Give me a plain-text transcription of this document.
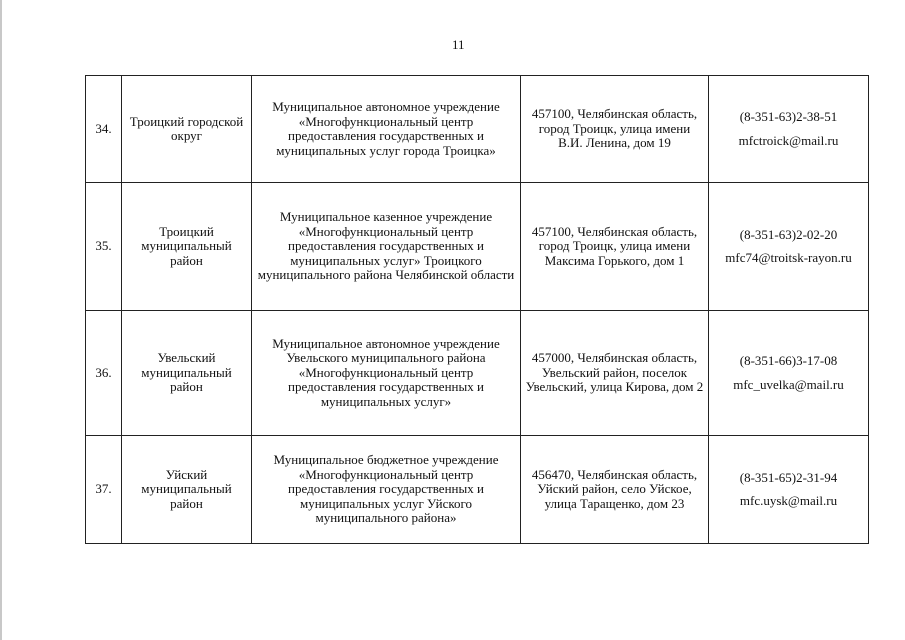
11
34.	Троицкий городской округ	Муниципальное автономное учреждение «Многофункциональный центр предоставления государственных и муниципальных услуг города Троицка»	457100, Челябинская область, город Троицк, улица имени В.И. Ленина, дом 19	(8-351-63)2-38-51
mfctroick@mail.ru

35.	Троицкий муниципальный район	Муниципальное казенное учреждение «Многофункциональный центр предоставления государственных и муниципальных услуг» Троицкого муниципального района Челябинской области	457100, Челябинская область, город Троицк, улица имени Максима Горького, дом 1	(8-351-63)2-02-20
mfc74@troitsk-rayon.ru

36.	Увельский муниципальный район	Муниципальное автономное учреждение Увельского муниципального района «Многофункциональный центр предоставления государственных и муниципальных услуг»	457000, Челябинская область, Увельский район, поселок Увельский, улица Кирова, дом 2	(8-351-66)3-17-08
mfc_uvelka@mail.ru

37.	Уйский муниципальный район	Муниципальное бюджетное учреждение «Многофункциональный центр предоставления государственных и муниципальных услуг Уйского муниципального района»	456470, Челябинская область, Уйский район, село Уйское, улица Таращенко, дом 23	(8-351-65)2-31-94
mfc.uysk@mail.ru
